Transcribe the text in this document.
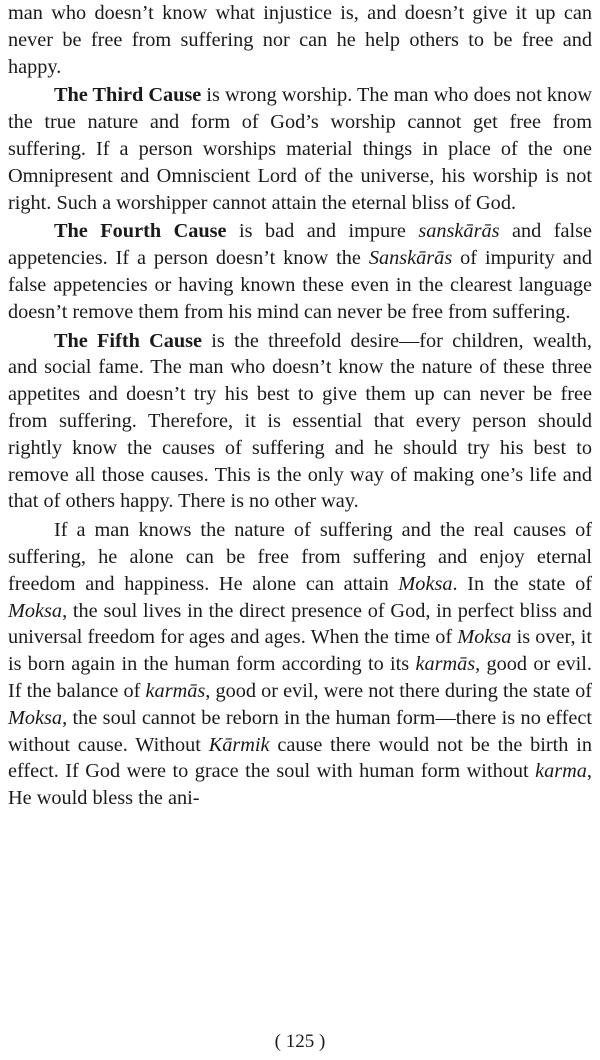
man who doesn’t know what injustice is, and doesn’t give it up can never be free from suffering nor can he help others to be free and happy.

The Third Cause is wrong worship. The man who does not know the true nature and form of God’s worship cannot get free from suffering. If a person worships material things in place of the one Omnipresent and Omniscient Lord of the universe, his worship is not right. Such a worshipper cannot attain the eternal bliss of God.

The Fourth Cause is bad and impure sanskārās and false appetencies. If a person doesn’t know the Sanskārās of impurity and false appetencies or having known these even in the clearest language doesn’t remove them from his mind can never be free from suffering.

The Fifth Cause is the threefold desire—for children, wealth, and social fame. The man who doesn’t know the nature of these three appetites and doesn’t try his best to give them up can never be free from suffering. Therefore, it is essential that every person should rightly know the causes of suffering and he should try his best to remove all those causes. This is the only way of making one’s life and that of others happy. There is no other way.

If a man knows the nature of suffering and the real causes of suffering, he alone can be free from suffering and enjoy eternal freedom and happiness. He alone can attain Moksa. In the state of Moksa, the soul lives in the direct presence of God, in perfect bliss and universal freedom for ages and ages. When the time of Moksa is over, it is born again in the human form according to its karmās, good or evil. If the balance of karmās, good or evil, were not there during the state of Moksa, the soul cannot be reborn in the human form—there is no effect without cause. Without Kārmik cause there would not be the birth in effect. If God were to grace the soul with human form without karma, He would bless the ani-

( 125 )
